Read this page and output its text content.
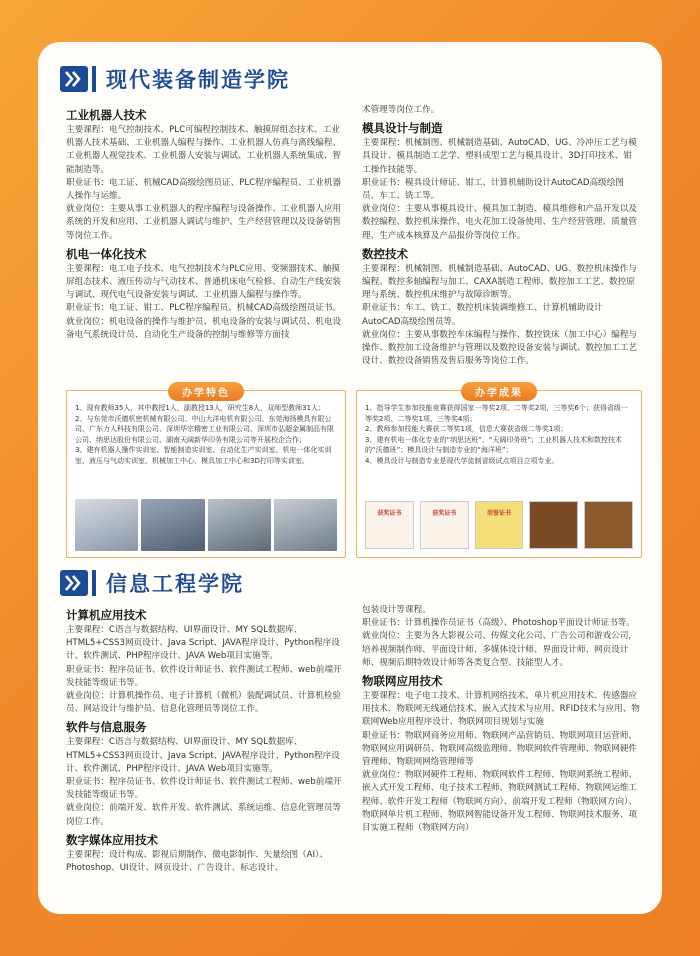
现代装备制造学院
工业机器人技术

主要课程：电气控制技术、PLC可编程控制技术、触摸屏组态技术、工业机器人技术基础、工业机器人编程与操作、工业机器人仿真与离线编程、工业机器人视觉技术、工业机器人安装与调试、工业机器人系统集成、智能制造等。

职业证书：电工证、机械CAD高级绘图员证、PLC程序编程员、工业机器人操作与运维。

就业岗位：主要从事工业机器人的程序编程与设备操作、工业机器人应用系统的开发和应用、工业机器人调试与维护、生产经营管理以及设备销售等岗位工作。

机电一体化技术

主要课程：电工电子技术、电气控制技术与PLC应用、变频器技术、触摸屏组态技术、液压传动与气动技术、普通机床电气检修、自动生产线安装与调试、现代电气设备安装与调试、工业机器人编程与操作等。

职业证书：电工证、钳工、PLC程序编程员、机械CAD高级绘图员证书。

就业岗位：机电设备的操作与维护员、机电设备的安装与调试员、机电设备电气系统设计员、自动化生产设备的控制与维修等方面技

术管理等岗位工作。

模具设计与制造

主要课程：机械制图、机械制造基础、AutoCAD、UG、冷冲压工艺与模具设计、模具制造工艺学、塑料成型工艺与模具设计、3D打印技术、钳工操作技能等。

职业证书：模具设计师证、钳工、计算机辅助设计AutoCAD高级绘图员、车工、铣工等。

就业岗位：主要从事模具设计、模具加工制造、模具维修和产品开发以及数控编程、数控机床操作、电火花加工设备使用、生产经营管理、质量管理、生产成本核算及产品报价等岗位工作。

数控技术

主要课程：机械制图、机械制造基础、AutoCAD、UG、数控机床操作与编程、数控多轴编程与加工、CAXA制造工程师、数控加工工艺、数控原理与系统、数控机床维护与故障诊断等。

职业证书：车工、铣工、数控机床装调维修工、计算机辅助设计AutoCAD高级绘图员等。

就业岗位：主要从事数控车床编程与操作、数控铣床（加工中心）编程与操作、数控加工设备维护与管理以及数控设备安装与调试、数控加工工艺设计、数控设备销售及售后服务等岗位工作。

办学特色

1、现有教师35人，其中教授1人，副教授13人，研究生8人，双师型教师31人；

2、与东莞市沃德机密机械有限公司、中山大洋电机有限公司、东莞海扬模具有限公司、广东力人科技有限公司、深圳华宗精密工业有限公司、深圳市弘超金属制品有限公司、纳思达股份有限公司、湖南天阔新华印务有限公司等开展校企合作；

3、建有机器人操作实训室、智能制造实训室、自动化生产实训室、机电一体化实训室、液压与气动实训室、机械加工中心、模具加工中心和3D打印等实训室。

办学成果

1、指导学生参加技能竞赛获得国家一等奖2项、二等奖2项，三等奖6个；获得省级一等奖2项、二等奖1项、三等奖4项；

2、教师参加技能大赛获二等奖1项，信息大赛获省级二等奖1项；

3、建有机电一体化专业的“纳思达班”、“天阔印务班”；工业机器人技术和数控技术的“沃德班”；模具设计与制造专业的“海洋班”；

4、模具设计与制造专业是现代学徒制省级试点项目立项专业。

获奖证书	获奖证书	荣誉证书
信息工程学院
计算机应用技术

主要课程：C语言与数据结构、UI界面设计、MY SQL数据库、HTML5+CSS3网页设计、Java Script、JAVA程序设计、Python程序设计、软件测试、PHP程序设计、JAVA Web项目实施等。

职业证书：程序员证书、软件设计师证书、软件测试工程师、web前端开发技能等级证书等。

就业岗位：计算机操作员、电子计算机（微机）装配调试员、计算机检验员、网站设计与维护员、信息化管理员等岗位工作。

软件与信息服务

主要课程：C语言与数据结构、UI界面设计、MY SQL数据库、HTML5+CSS3网页设计、Java Script、JAVA程序设计、Python程序设计、软件测试、PHP程序设计、JAVA Web项目实施等。

职业证书：程序员证书、软件设计师证书、软件测试工程师、web前端开发技能等级证书等。

就业岗位：前端开发、软件开发、软件测试、系统运维、信息化管理员等岗位工作。

数字媒体应用技术

主要课程：设计构成、影视后期制作、微电影制作、矢量绘图（AI）、Photoshop、UI设计、网页设计、广告设计、标志设计、

包装设计等课程。

职业证书：计算机操作员证书（高级）、Photoshop平面设计师证书等。

就业岗位：主要为各大影视公司、传媒文化公司、广告公司和游戏公司，培养视频制作师、平面设计师、多媒体设计师、界面设计师、网页设计师、视频后期特效设计师等各类复合型、技能型人才。

物联网应用技术

主要课程：电子电工技术、计算机网络技术、单片机应用技术、传感器应用技术、物联网无线通信技术、嵌入式技术与应用、RFID技术与应用、物联网Web应用程序设计、物联网项目规划与实施

职业证书：物联网商务应用师、物联网产品营销员、物联网项目运营师、物联网应用调研员、物联网高级监理师、物联网软件管理师、物联网硬件管理师、物联网网络管理师等

就业岗位：物联网硬件工程师、物联网软件工程师、物联网系统工程师、嵌入式开发工程师、电子技术工程师、物联网测试工程师、物联网运维工程师、软件开发工程师（物联网方向）、前端开发工程师（物联网方向）、物联网单片机工程师、物联网智能设备开发工程师、物联网技术服务、项目实施工程师（物联网方向）
